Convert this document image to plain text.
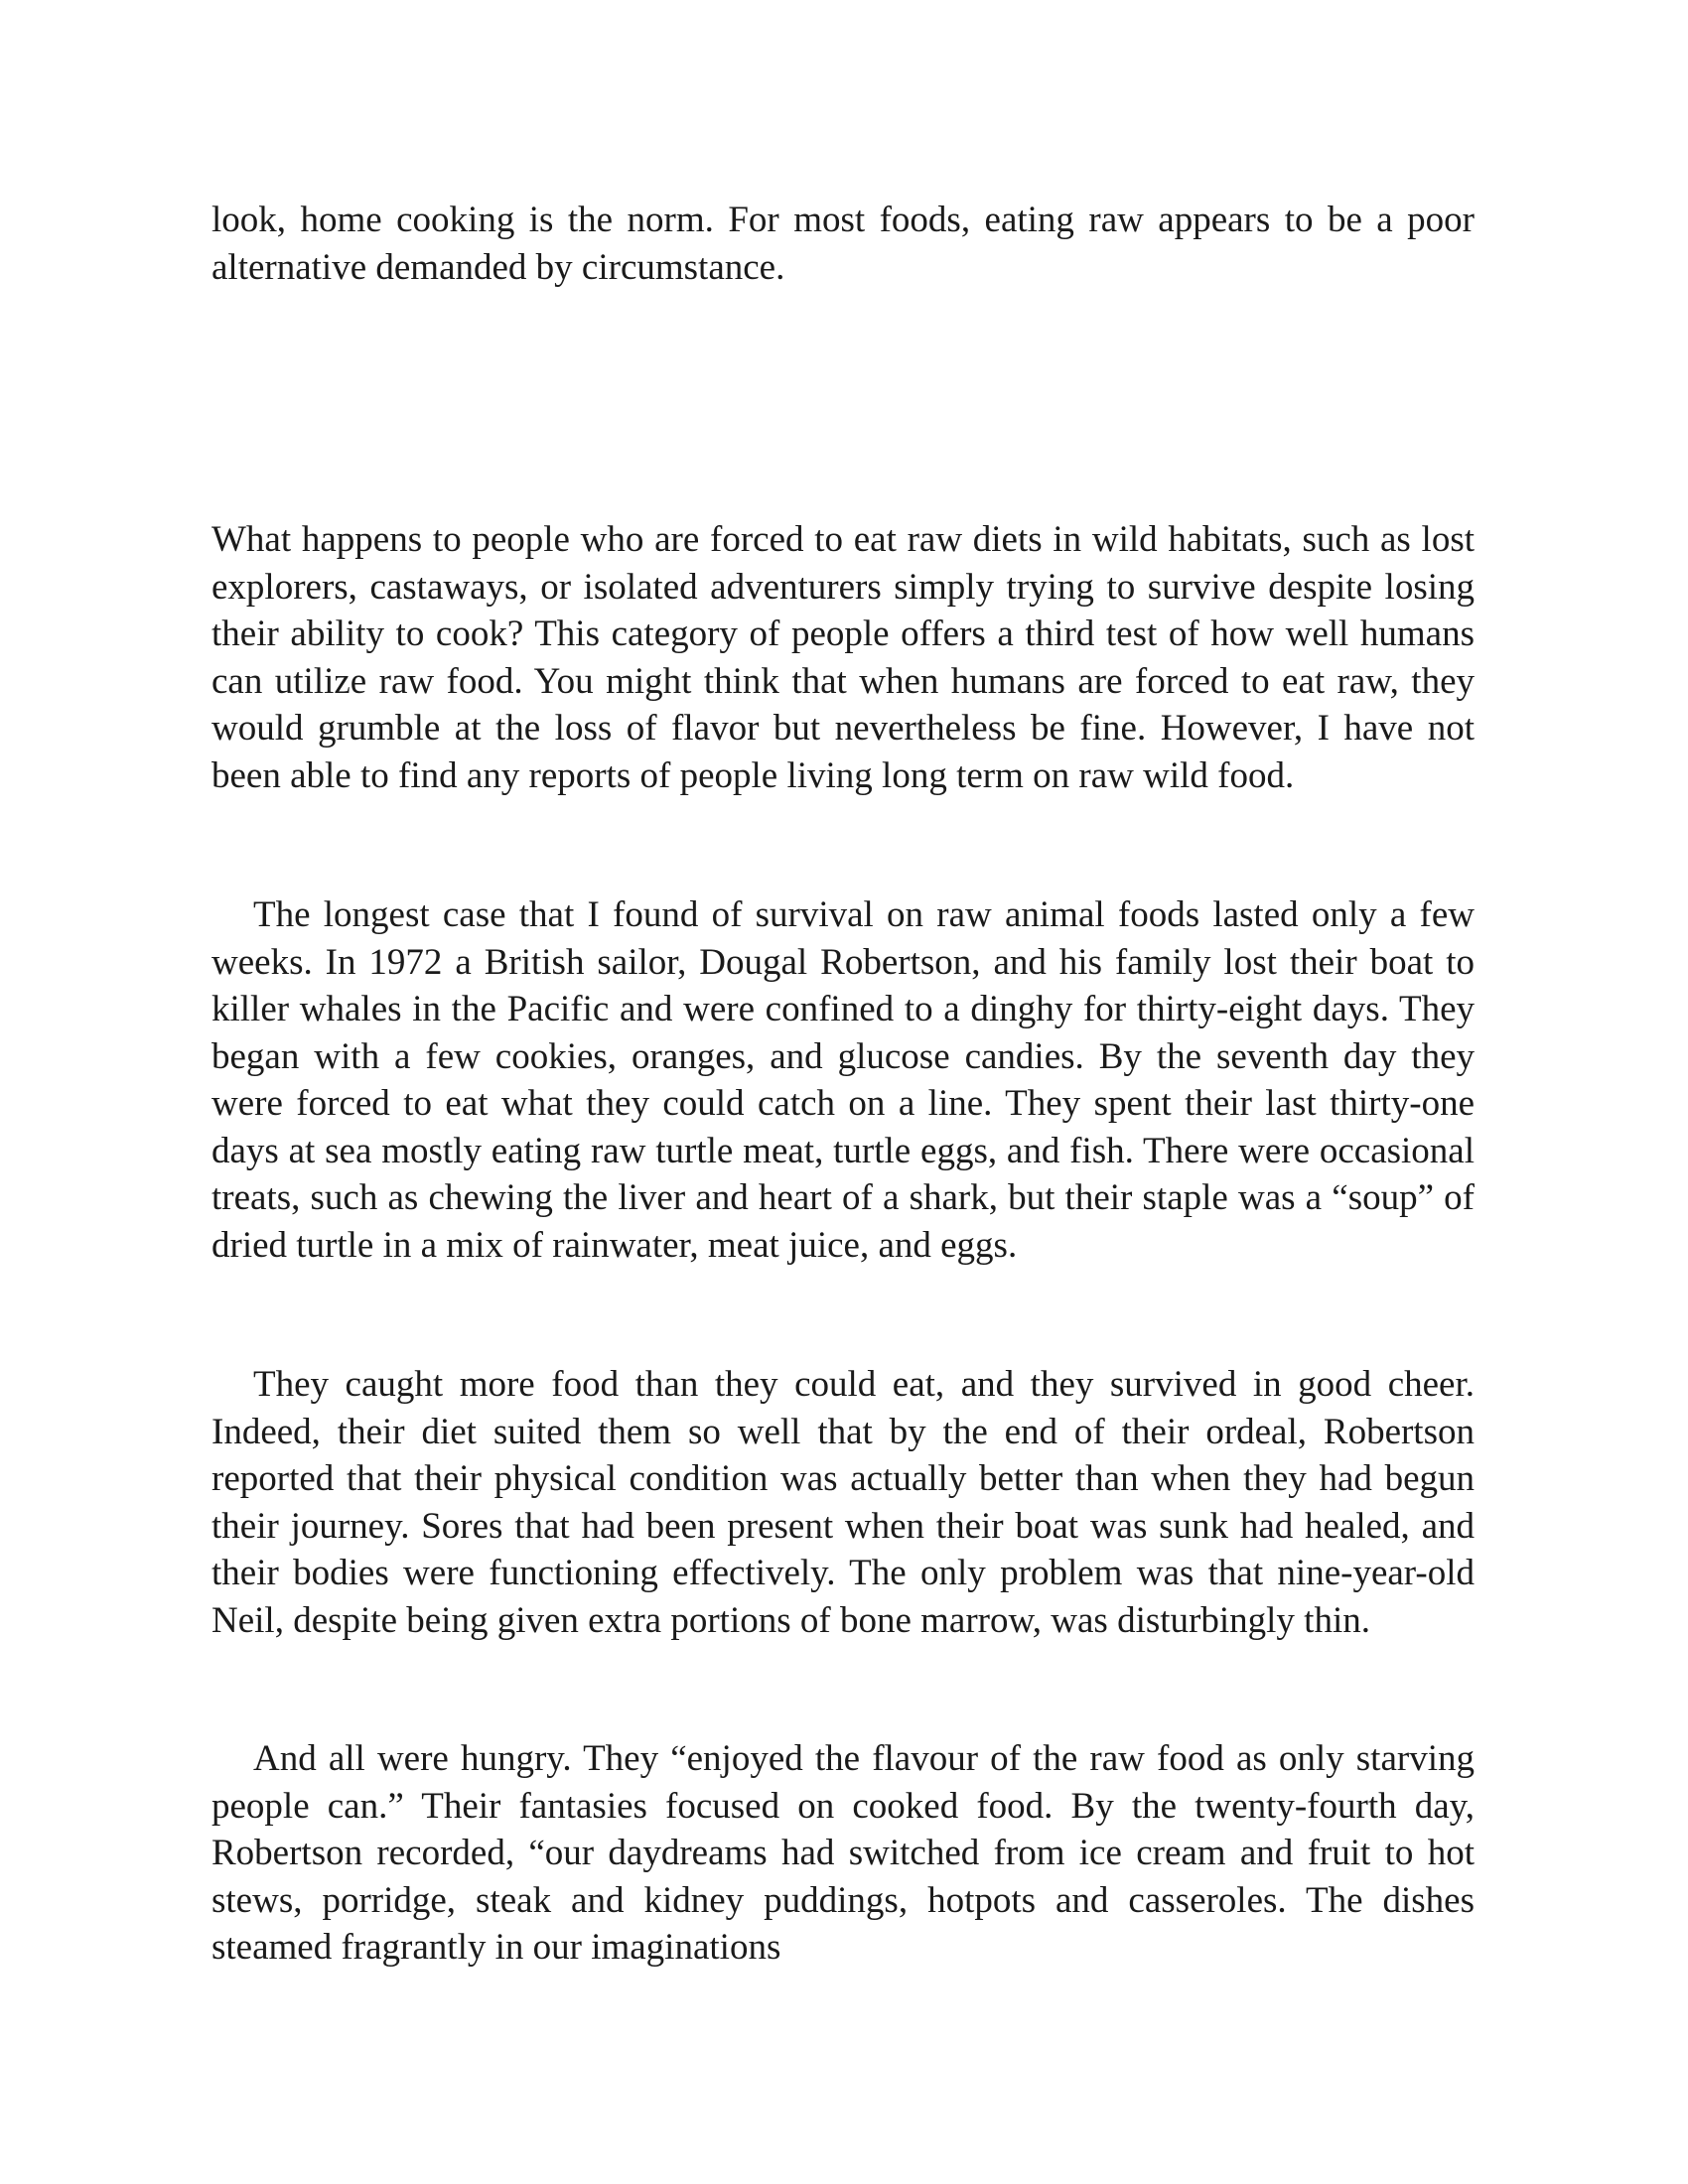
look, home cooking is the norm. For most foods, eating raw appears to be a poor alternative demanded by circumstance.

What happens to people who are forced to eat raw diets in wild habitats, such as lost explorers, castaways, or isolated adventurers simply trying to survive despite losing their ability to cook? This category of people offers a third test of how well humans can utilize raw food. You might think that when humans are forced to eat raw, they would grumble at the loss of flavor but nevertheless be fine. However, I have not been able to find any reports of people living long term on raw wild food.

The longest case that I found of survival on raw animal foods lasted only a few weeks. In 1972 a British sailor, Dougal Robertson, and his family lost their boat to killer whales in the Pacific and were confined to a dinghy for thirty-eight days. They began with a few cookies, oranges, and glucose candies. By the seventh day they were forced to eat what they could catch on a line. They spent their last thirty-one days at sea mostly eating raw turtle meat, turtle eggs, and fish. There were occasional treats, such as chewing the liver and heart of a shark, but their staple was a “soup” of dried turtle in a mix of rainwater, meat juice, and eggs.

They caught more food than they could eat, and they survived in good cheer. Indeed, their diet suited them so well that by the end of their ordeal, Robertson reported that their physical condition was actually better than when they had begun their journey. Sores that had been present when their boat was sunk had healed, and their bodies were functioning effectively. The only problem was that nine-year-old Neil, despite being given extra portions of bone marrow, was disturbingly thin.

And all were hungry. They “enjoyed the flavour of the raw food as only starving people can.” Their fantasies focused on cooked food. By the twenty-fourth day, Robertson recorded, “our daydreams had switched from ice cream and fruit to hot stews, porridge, steak and kidney puddings, hotpots and casseroles. The dishes steamed fragrantly in our imaginations
